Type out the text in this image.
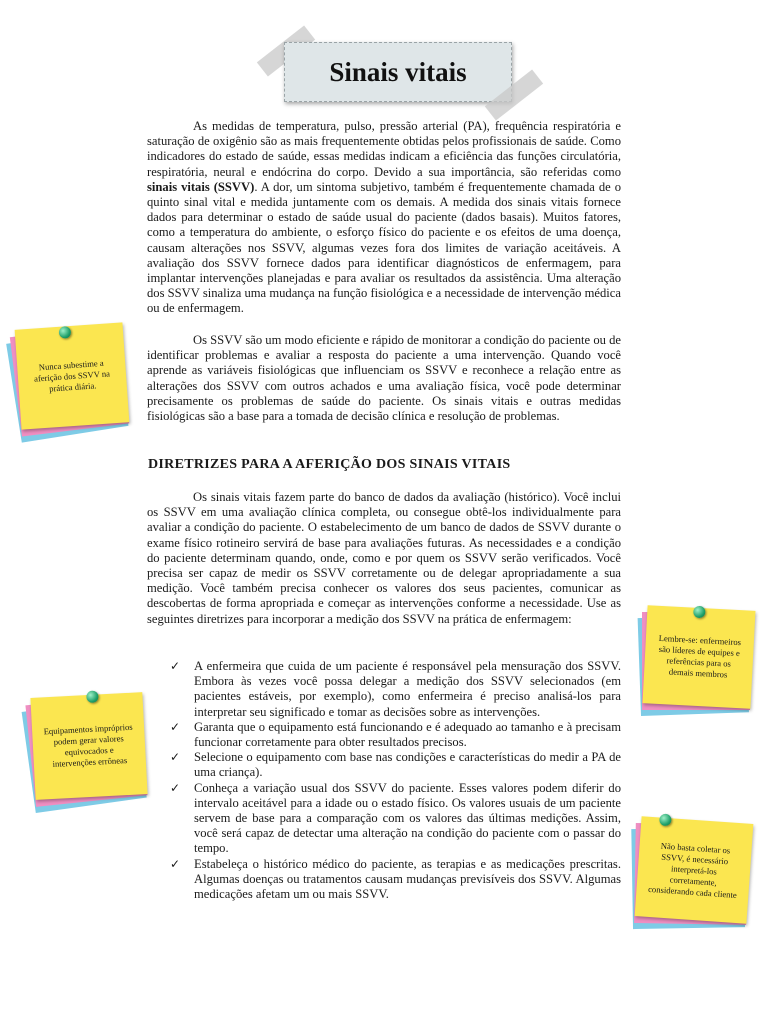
Sinais vitais

As medidas de temperatura, pulso, pressão arterial (PA), frequência respiratória e saturação de oxigênio são as mais frequentemente obtidas pelos profissionais de saúde. Como indicadores do estado de saúde, essas medidas indicam a eficiência das funções circulatória, respiratória, neural e endócrina do corpo. Devido a sua importância, são referidas como sinais vitais (SSVV). A dor, um sintoma subjetivo, também é frequentemente chamada de o quinto sinal vital e medida juntamente com os demais. A medida dos sinais vitais fornece dados para determinar o estado de saúde usual do paciente (dados basais). Muitos fatores, como a temperatura do ambiente, o esforço físico do paciente e os efeitos de uma doença, causam alterações nos SSVV, algumas vezes fora dos limites de variação aceitáveis. A avaliação dos SSVV fornece dados para identificar diagnósticos de enfermagem, para implantar intervenções planejadas e para avaliar os resultados da assistência. Uma alteração dos SSVV sinaliza uma mudança na função fisiológica e a necessidade de intervenção médica ou de enfermagem.

Os SSVV são um modo eficiente e rápido de monitorar a condição do paciente ou de identificar problemas e avaliar a resposta do paciente a uma intervenção. Quando você aprende as variáveis fisiológicas que influenciam os SSVV e reconhece a relação entre as alterações dos SSVV com outros achados e uma avaliação física, você pode determinar precisamente os problemas de saúde do paciente. Os sinais vitais e outras medidas fisiológicas são a base para a tomada de decisão clínica e resolução de problemas.

DIRETRIZES PARA A AFERIÇÃO DOS SINAIS VITAIS

Os sinais vitais fazem parte do banco de dados da avaliação (histórico). Você inclui os SSVV em uma avaliação clínica completa, ou consegue obtê-los individualmente para avaliar a condição do paciente. O estabelecimento de um banco de dados de SSVV durante o exame físico rotineiro servirá de base para avaliações futuras. As necessidades e a condição do paciente determinam quando, onde, como e por quem os SSVV serão verificados. Você precisa ser capaz de medir os SSVV corretamente ou de delegar apropriadamente a sua medição. Você também precisa conhecer os valores dos seus pacientes, comunicar as descobertas de forma apropriada e começar as intervenções conforme a necessidade. Use as seguintes diretrizes para incorporar a medição dos SSVV na prática de enfermagem:

✓ A enfermeira que cuida de um paciente é responsável pela mensuração dos SSVV. Embora às vezes você possa delegar a medição dos SSVV selecionados (em pacientes estáveis, por exemplo), como enfermeira é preciso analisá-los para interpretar seu significado e tomar as decisões sobre as intervenções.
✓ Garanta que o equipamento está funcionando e é adequado ao tamanho e à precisam funcionar corretamente para obter resultados precisos.
✓ Selecione o equipamento com base nas condições e características do medir a PA de uma criança).
✓ Conheça a variação usual dos SSVV do paciente. Esses valores podem diferir do intervalo aceitável para a idade ou o estado físico. Os valores usuais de um paciente servem de base para a comparação com os valores das últimas medições. Assim, você será capaz de detectar uma alteração na condição do paciente com o passar do tempo.
✓ Estabeleça o histórico médico do paciente, as terapias e as medicações prescritas. Algumas doenças ou tratamentos causam mudanças previsíveis dos SSVV. Algumas medicações afetam um ou mais SSVV.
Nunca subestime a aferição dos SSVV na prática diária.
Lembre-se: enfermeiros são líderes de equipes e referências para os demais membros
Equipamentos impróprios podem gerar valores equivocados e intervenções errôneas
Não basta coletar os SSVV, é necessário interpretá-los corretamente, considerando cada cliente
